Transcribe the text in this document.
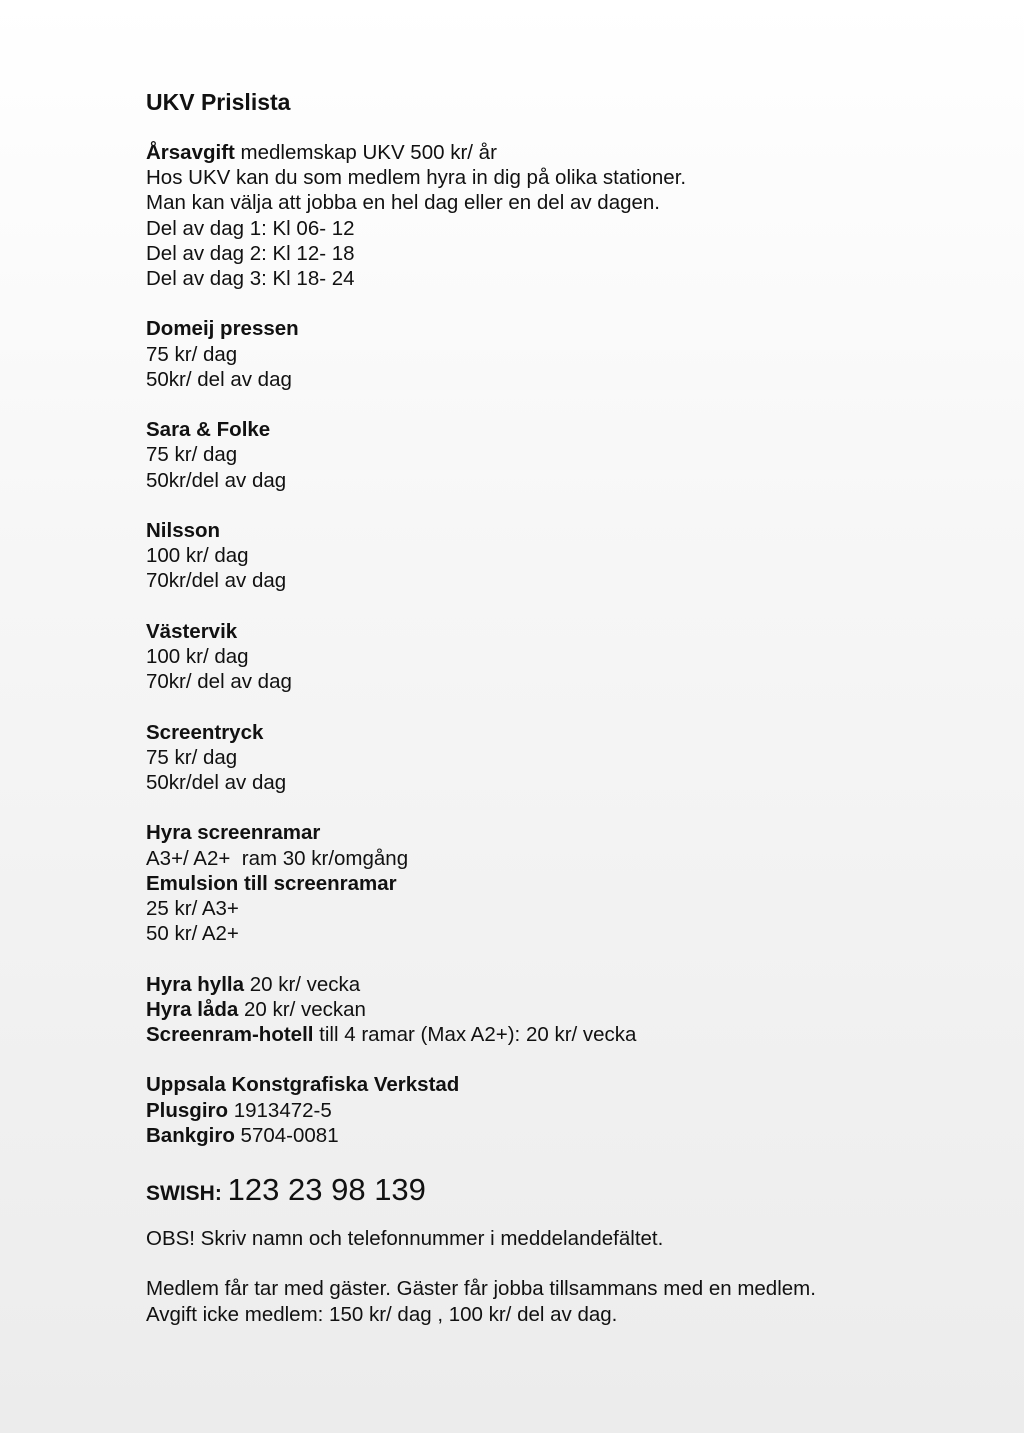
UKV Prislista
Årsavgift medlemskap UKV 500 kr/ år
Hos UKV kan du som medlem hyra in dig på olika stationer.
Man kan välja att jobba en hel dag eller en del av dagen.
Del av dag 1: Kl 06- 12
Del av dag 2: Kl 12- 18
Del av dag 3: Kl 18- 24
Domeij pressen
75 kr/ dag
50kr/ del av dag
Sara & Folke
75 kr/ dag
50kr/del av dag
Nilsson
100 kr/ dag
70kr/del av dag
Västervik
100 kr/ dag
70kr/ del av dag
Screentryck
75 kr/ dag
50kr/del av dag
Hyra screenramar
A3+/ A2+  ram 30 kr/omgång
Emulsion till screenramar
25 kr/ A3+
50 kr/ A2+
Hyra hylla 20 kr/ vecka
Hyra låda 20 kr/ veckan
Screenram-hotell till 4 ramar (Max A2+): 20 kr/ vecka
Uppsala Konstgrafiska Verkstad
Plusgiro 1913472-5
Bankgiro 5704-0081
SWISH: 123 23 98 139
OBS! Skriv namn och telefonnummer i meddelandefältet.
Medlem får tar med gäster. Gäster får jobba tillsammans med en medlem.
Avgift icke medlem: 150 kr/ dag , 100 kr/ del av dag.
